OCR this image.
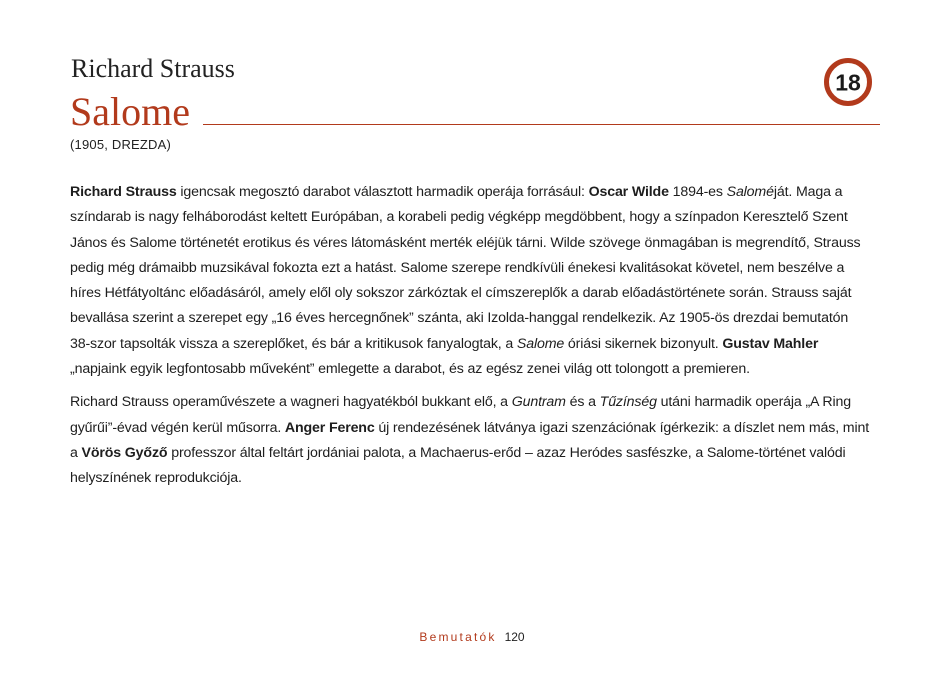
Richard Strauss
Salome
(1905, DREZDA)
18

Richard Strauss igencsak megosztó darabot választott harmadik operája forrásául: Oscar Wilde 1894-es Saloméját. Maga a színdarab is nagy felháborodást keltett Európában, a korabeli pedig végképp megdöbbent, hogy a színpadon Keresztelő Szent János és Salome történetét erotikus és véres látomásként merték eléjük tárni. Wilde szövege önmagában is megrendítő, Strauss pedig még drámaibb muzsikával fokozta ezt a hatást. Salome szerepe rendkívüli énekesi kvalitásokat követel, nem beszélve a híres Hétfátyoltánc előadásáról, amely elől oly sokszor zárkóztak el címszereplők a darab előadástörténete során. Strauss saját bevallása szerint a szerepet egy „16 éves hercegnőnek” szánta, aki Izolda-hanggal rendelkezik. Az 1905-ös drezdai bemutatón 38-szor tapsolták vissza a szereplőket, és bár a kritikusok fanyalogtak, a Salome óriási sikernek bizonyult. Gustav Mahler „napjaink egyik legfontosabb műveként” emlegette a darabot, és az egész zenei világ ott tolongott a premieren.

Richard Strauss operaművészete a wagneri hagyatékból bukkant elő, a Guntram és a Tűzínség utáni harmadik operája „A Ring gyűrűi”-évad végén kerül műsorra. Anger Ferenc új rendezésének látványa igazi szenzációnak ígérkezik: a díszlet nem más, mint a Vörös Győző professzor által feltárt jordániai palota, a Machaerus-erőd – azaz Heródes sasfészke, a Salome-történet valódi helyszínének reprodukciója.

Bemutatók 120
